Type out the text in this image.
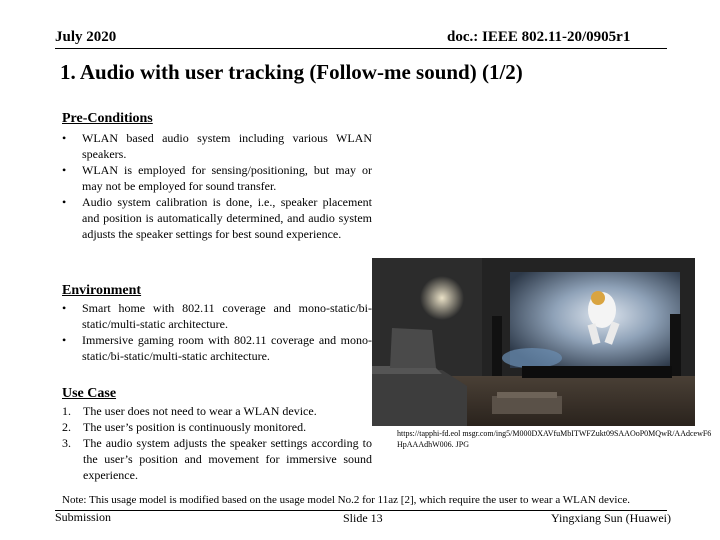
July 2020	doc.: IEEE 802.11-20/0905r1
1. Audio with user tracking (Follow-me sound) (1/2)
Pre-Conditions
• WLAN based audio system including various WLAN speakers.
• WLAN is employed for sensing/positioning, but may or may not be employed for sound transfer.
• Audio system calibration is done, i.e., speaker placement and position is automatically determined, and audio system adjusts the speaker settings for best sound experience.
Environment
• Smart home with 802.11 coverage and mono-static/bi-static/multi-static architecture.
• Immersive gaming room with 802.11 coverage and mono-static/bi-static/multi-static architecture.
Use Case
1. The user does not need to wear a WLAN device.
2. The user’s position is continuously monitored.
3. The audio system adjusts the speaker settings according to the user’s position and movement for immersive sound experience.
https://tapphi-fd.eol msgr.com/ing5/M000DXAVfuMbITWFZukt09SAAOoP0MQwR/AAdcewF6HpAAAdhW006. JPG
Note: This usage model is modified based on the usage model No.2 for 11az [2], which require the user to wear a WLAN device.
Submission	Slide 13	Yingxiang Sun (Huawei)
